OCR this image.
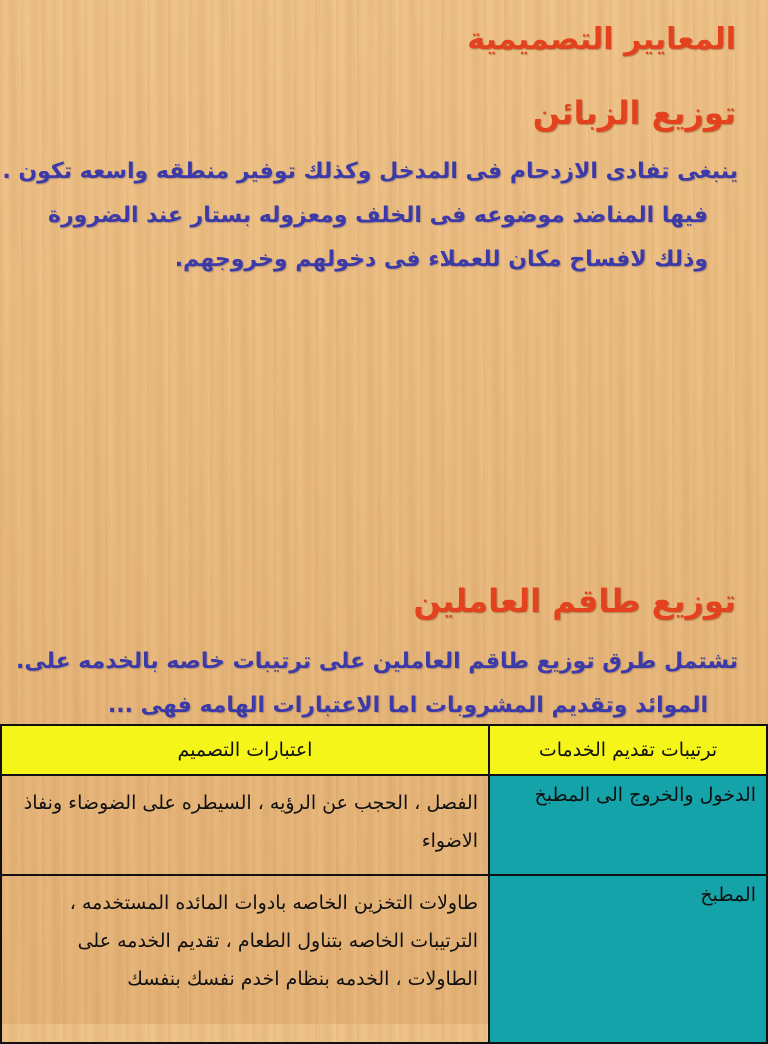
المعايير التصميمية
توزيع الزبائن
ينبغى تفادى الازدحام فى المدخل وكذلك توفير منطقه واسعه تكون .
فيها المناضد موضوعه فى الخلف ومعزوله بستار عند الضرورة
وذلك لافساح مكان للعملاء فى دخولهم وخروجهم.
توزيع طاقم العاملين
تشتمل طرق توزيع طاقم العاملين على ترتيبات خاصه بالخدمه على.
الموائد وتقديم المشروبات اما الاعتبارات الهامه فهى ...
ترتيبات تقديم الخدمات	اعتبارات التصميم
الدخول والخروج الى المطبخ	الفصل ، الحجب عن الرؤيه ، السيطره على الضوضاء ونفاذ الاضواء
المطبخ	طاولات التخزين الخاصه بادوات المائده المستخدمه ، الترتيبات الخاصه بتناول الطعام ، تقديم الخدمه على الطاولات ، الخدمه بنظام اخدم نفسك بنفسك
